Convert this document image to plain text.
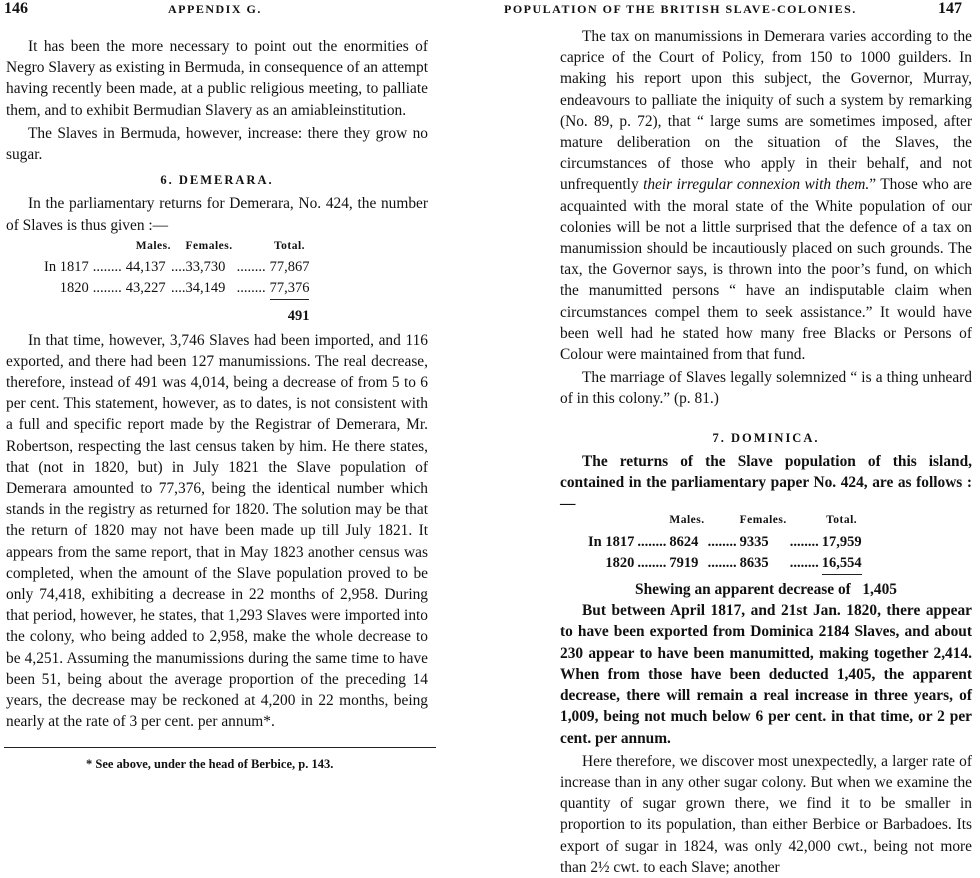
146	APPENDIX G.

It has been the more necessary to point out the enormities of Negro Slavery as existing in Bermuda, in consequence of an attempt having recently been made, at a public religious meeting, to palliate them, and to exhibit Bermudian Slavery as an amiableinstitution.

The Slaves in Bermuda, however, increase: there they grow no sugar.

6. DEMERARA.

In the parliamentary returns for Demerara, No. 424, the number of Slaves is thus given :—

		Males.		Females.		Total.
In 1817	........	44,137	....	33,730	........	77,867
1820	........	43,227	....	34,149	........	77,376
						491

In that time, however, 3,746 Slaves had been imported, and 116 exported, and there had been 127 manumissions. The real decrease, therefore, instead of 491 was 4,014, being a decrease of from 5 to 6 per cent. This statement, however, as to dates, is not consistent with a full and specific report made by the Registrar of Demerara, Mr. Robertson, respecting the last census taken by him. He there states, that (not in 1820, but) in July 1821 the Slave population of Demerara amounted to 77,376, being the identical number which stands in the registry as returned for 1820. The solution may be that the return of 1820 may not have been made up till July 1821. It appears from the same report, that in May 1823 another census was completed, when the amount of the Slave population proved to be only 74,418, exhibiting a decrease in 22 months of 2,958. During that period, however, he states, that 1,293 Slaves were imported into the colony, who being added to 2,958, make the whole decrease to be 4,251. Assuming the manumissions during the same time to have been 51, being about the average proportion of the preceding 14 years, the decrease may be reckoned at 4,200 in 22 months, being nearly at the rate of 3 per cent. per annum*.

* See above, under the head of Berbice, p. 143.
POPULATION OF THE BRITISH SLAVE-COLONIES.	147

The tax on manumissions in Demerara varies according to the caprice of the Court of Policy, from 150 to 1000 guilders. In making his report upon this subject, the Governor, Murray, endeavours to palliate the iniquity of such a system by remarking (No. 89, p. 72), that “ large sums are sometimes imposed, after mature deliberation on the situation of the Slaves, the circumstances of those who apply in their behalf, and not unfrequently their irregular connexion with them.” Those who are acquainted with the moral state of the White population of our colonies will be not a little surprised that the defence of a tax on manumission should be incautiously placed on such grounds. The tax, the Governor says, is thrown into the poor’s fund, on which the manumitted persons “ have an indisputable claim when circumstances compel them to seek assistance.” It would have been well had he stated how many free Blacks or Persons of Colour were maintained from that fund.

The marriage of Slaves legally solemnized “ is a thing unheard of in this colony.” (p. 81.)

7. DOMINICA.

The returns of the Slave population of this island, contained in the parliamentary paper No. 424, are as follows :—

		Males.		Females.		Total.
In 1817	........	8624	........	9335	........	17,959
1820	........	7919	........	8635	........	16,554

Shewing an apparent decrease of 1,405

But between April 1817, and 21st Jan. 1820, there appear to have been exported from Dominica 2184 Slaves, and about 230 appear to have been manumitted, making together 2,414. When from those have been deducted 1,405, the apparent decrease, there will remain a real increase in three years, of 1,009, being not much below 6 per cent. in that time, or 2 per cent. per annum.

Here therefore, we discover most unexpectedly, a larger rate of increase than in any other sugar colony. But when we examine the quantity of sugar grown there, we find it to be smaller in proportion to its population, than either Berbice or Barbadoes. Its export of sugar in 1824, was only 42,000 cwt., being not more than 2½ cwt. to each Slave; another
